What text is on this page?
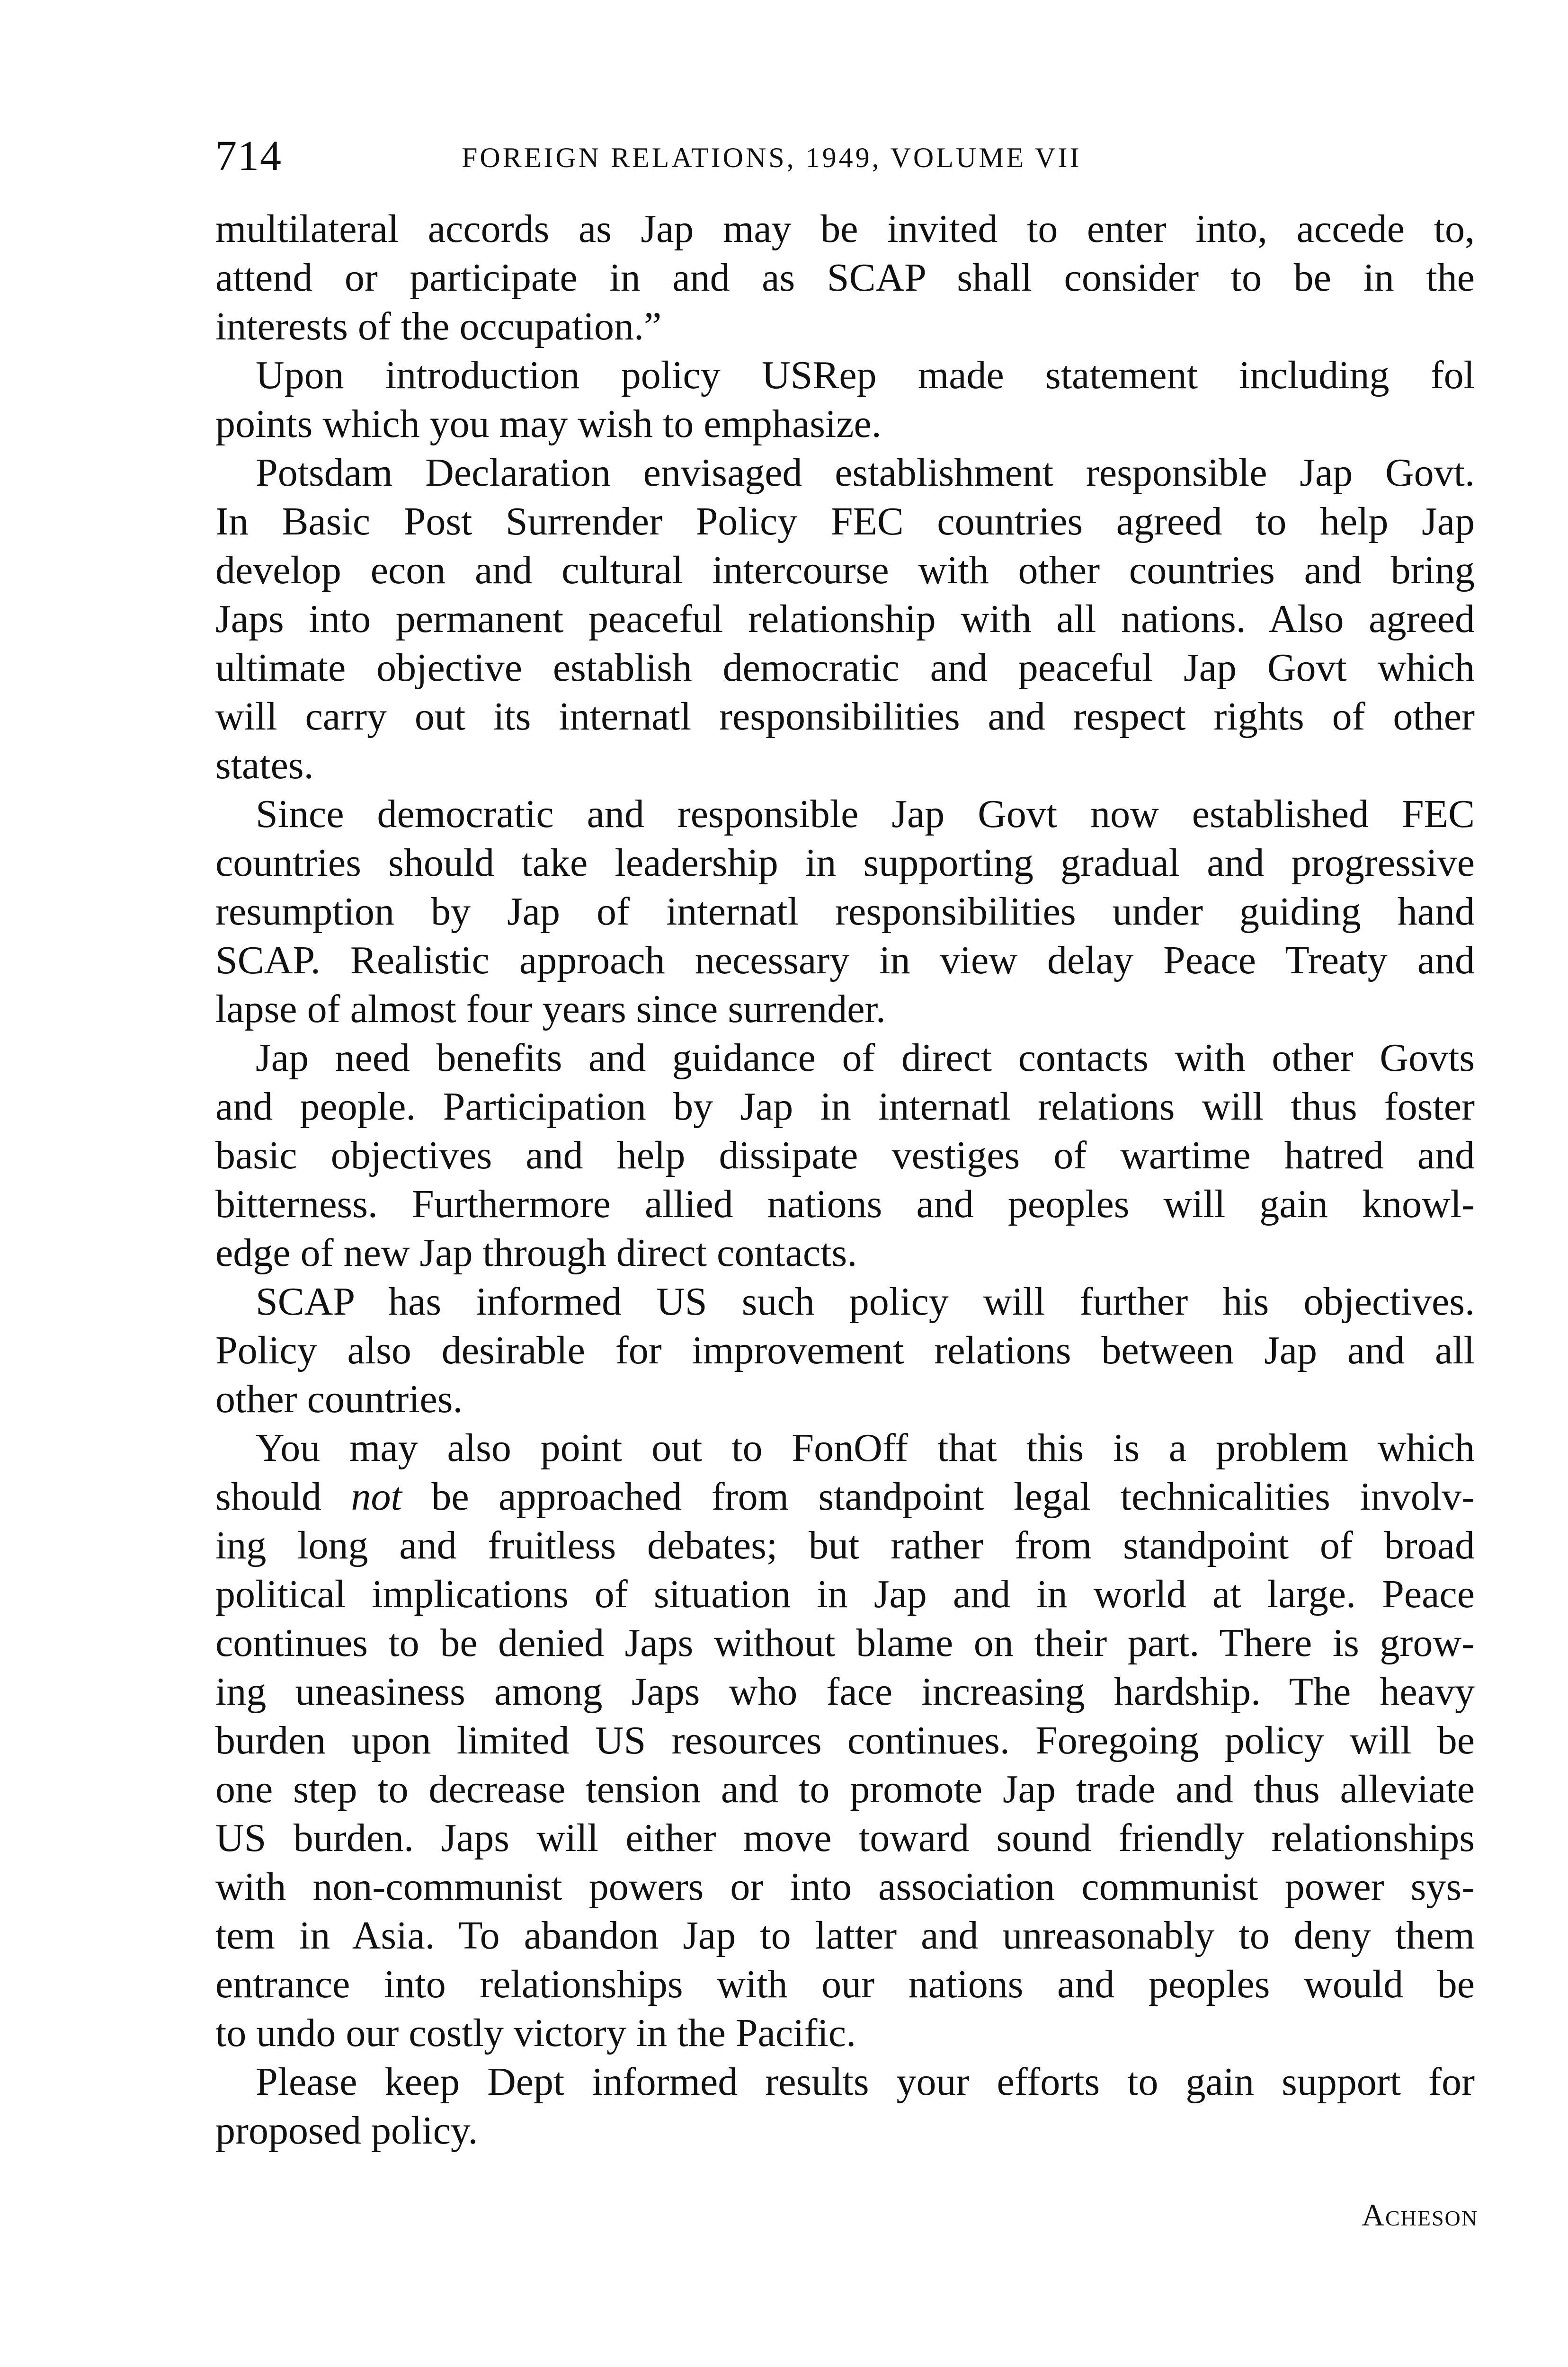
714	FOREIGN RELATIONS, 1949, VOLUME VII
multilateral accords as Jap may be invited to enter into, accede to,
attend or participate in and as SCAP shall consider to be in the
interests of the occupation.”
Upon introduction policy USRep made statement including fol
points which you may wish to emphasize.
Potsdam Declaration envisaged establishment responsible Jap Govt.
In Basic Post Surrender Policy FEC countries agreed to help Jap
develop econ and cultural intercourse with other countries and bring
Japs into permanent peaceful relationship with all nations. Also agreed
ultimate objective establish democratic and peaceful Jap Govt which
will carry out its internatl responsibilities and respect rights of other
states.
Since democratic and responsible Jap Govt now established FEC
countries should take leadership in supporting gradual and progressive
resumption by Jap of internatl responsibilities under guiding hand
SCAP. Realistic approach necessary in view delay Peace Treaty and
lapse of almost four years since surrender.
Jap need benefits and guidance of direct contacts with other Govts
and people. Participation by Jap in internatl relations will thus foster
basic objectives and help dissipate vestiges of wartime hatred and
bitterness. Furthermore allied nations and peoples will gain knowl-
edge of new Jap through direct contacts.
SCAP has informed US such policy will further his objectives.
Policy also desirable for improvement relations between Jap and all
other countries.
You may also point out to FonOff that this is a problem which
should not be approached from standpoint legal technicalities involv-
ing long and fruitless debates; but rather from standpoint of broad
political implications of situation in Jap and in world at large. Peace
continues to be denied Japs without blame on their part. There is grow-
ing uneasiness among Japs who face increasing hardship. The heavy
burden upon limited US resources continues. Foregoing policy will be
one step to decrease tension and to promote Jap trade and thus alleviate
US burden. Japs will either move toward sound friendly relationships
with non-communist powers or into association communist power sys-
tem in Asia. To abandon Jap to latter and unreasonably to deny them
entrance into relationships with our nations and peoples would be
to undo our costly victory in the Pacific.
Please keep Dept informed results your efforts to gain support for
proposed policy.
Acheson
